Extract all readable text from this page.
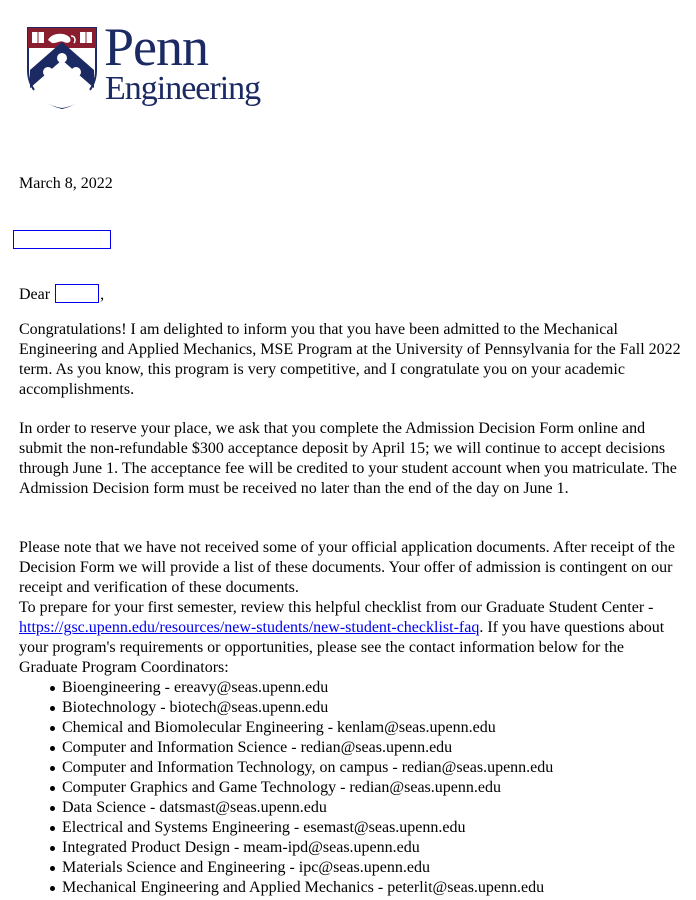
Penn
Engineering
March 8, 2022
Dear	,

Congratulations! I am delighted to inform you that you have been admitted to the Mechanical Engineering and Applied Mechanics, MSE Program at the University of Pennsylvania for the Fall 2022 term. As you know, this program is very competitive, and I congratulate you on your academic accomplishments.

In order to reserve your place, we ask that you complete the Admission Decision Form online and submit the non-refundable $300 acceptance deposit by April 15; we will continue to accept decisions through June 1. The acceptance fee will be credited to your student account when you matriculate. The Admission Decision form must be received no later than the end of the day on June 1.

Please note that we have not received some of your official application documents. After receipt of the Decision Form we will provide a list of these documents. Your offer of admission is contingent on our receipt and verification of these documents.

To prepare for your first semester, review this helpful checklist from our Graduate Student Center - https://gsc.upenn.edu/resources/new-students/new-student-checklist-faq. If you have questions about your program's requirements or opportunities, please see the contact information below for the Graduate Program Coordinators:

Bioengineering - ereavy@seas.upenn.edu
Biotechnology - biotech@seas.upenn.edu
Chemical and Biomolecular Engineering - kenlam@seas.upenn.edu
Computer and Information Science - redian@seas.upenn.edu
Computer and Information Technology, on campus - redian@seas.upenn.edu
Computer Graphics and Game Technology - redian@seas.upenn.edu
Data Science - datsmast@seas.upenn.edu
Electrical and Systems Engineering - esemast@seas.upenn.edu
Integrated Product Design - meam-ipd@seas.upenn.edu
Materials Science and Engineering - ipc@seas.upenn.edu
Mechanical Engineering and Applied Mechanics - peterlit@seas.upenn.edu
